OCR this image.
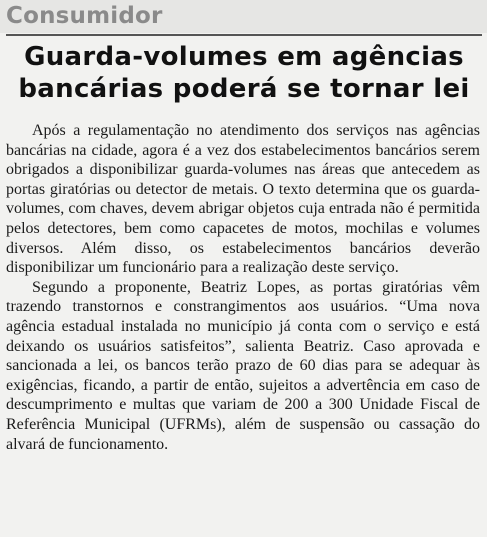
Consumidor
Guarda-volumes em agências bancárias poderá se tornar lei

Após a regulamentação no atendimento dos serviços nas agências bancárias na cidade, agora é a vez dos estabelecimentos bancários serem obrigados a disponibilizar guarda-volumes nas áreas que antecedem as portas giratórias ou detector de metais. O texto determina que os guarda-volumes, com chaves, devem abrigar objetos cuja entrada não é permitida pelos detectores, bem como capacetes de motos, mochilas e volumes diversos. Além disso, os estabelecimentos bancários deverão disponibilizar um funcionário para a realização deste serviço.

Segundo a proponente, Beatriz Lopes, as portas giratórias vêm trazendo transtornos e constrangimentos aos usuários. “Uma nova agência estadual instalada no município já conta com o serviço e está deixando os usuários satisfeitos”, salienta Beatriz. Caso aprovada e sancionada a lei, os bancos terão prazo de 60 dias para se adequar às exigências, ficando, a partir de então, sujeitos a advertência em caso de descumprimento e multas que variam de 200 a 300 Unidade Fiscal de Referência Municipal (UFRMs), além de suspensão ou cassação do alvará de funcionamento.
